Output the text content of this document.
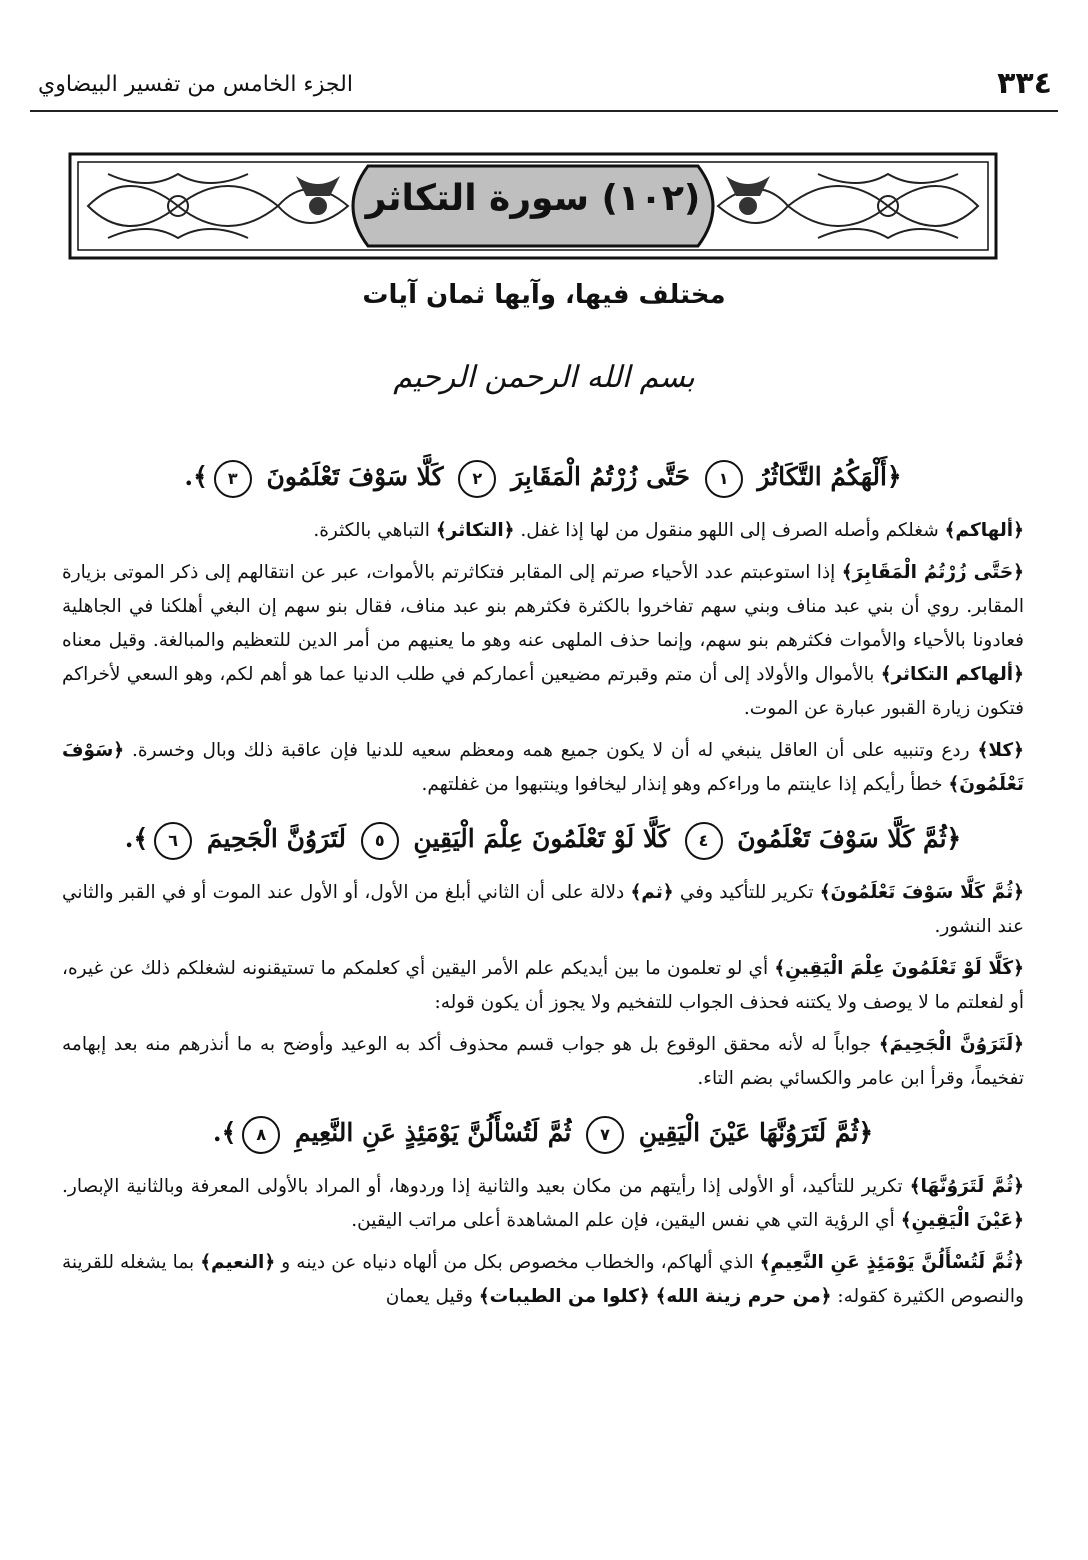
٣٣٤
الجزء الخامس من تفسير البيضاوي
(١٠٢) سورة التكاثر
مختلف فيها، وآيها ثمان آيات
بسم الله الرحمن الرحيم

﴿أَلْهَكُمُ التَّكَاثُرُ ١ حَتَّى زُرْتُمُ الْمَقَابِرَ ٢ كَلَّا سَوْفَ تَعْلَمُونَ ٣﴾.

﴿ألهاكم﴾ شغلكم وأصله الصرف إلى اللهو منقول من لها إذا غفل. ﴿التكاثر﴾ التباهي بالكثرة.

﴿حَتَّى زُرْتُمُ الْمَقَابِرَ﴾ إذا استوعبتم عدد الأحياء صرتم إلى المقابر فتكاثرتم بالأموات، عبر عن انتقالهم إلى ذكر الموتى بزيارة المقابر. روي أن بني عبد مناف وبني سهم تفاخروا بالكثرة فكثرهم بنو عبد مناف، فقال بنو سهم إن البغي أهلكنا في الجاهلية فعادونا بالأحياء والأموات فكثرهم بنو سهم، وإنما حذف الملهى عنه وهو ما يعنيهم من أمر الدين للتعظيم والمبالغة. وقيل معناه ﴿ألهاكم التكاثر﴾ بالأموال والأولاد إلى أن متم وقبرتم مضيعين أعماركم في طلب الدنيا عما هو أهم لكم، وهو السعي لأخراكم فتكون زيارة القبور عبارة عن الموت.

﴿كلا﴾ ردع وتنبيه على أن العاقل ينبغي له أن لا يكون جميع همه ومعظم سعيه للدنيا فإن عاقبة ذلك وبال وخسرة. ﴿سَوْفَ تَعْلَمُونَ﴾ خطأ رأيكم إذا عاينتم ما وراءكم وهو إنذار ليخافوا وينتبهوا من غفلتهم.

﴿ثُمَّ كَلَّا سَوْفَ تَعْلَمُونَ ٤ كَلَّا لَوْ تَعْلَمُونَ عِلْمَ الْيَقِينِ ٥ لَتَرَوُنَّ الْجَحِيمَ ٦﴾.

﴿ثُمَّ كَلَّا سَوْفَ تَعْلَمُونَ﴾ تكرير للتأكيد وفي ﴿ثم﴾ دلالة على أن الثاني أبلغ من الأول، أو الأول عند الموت أو في القبر والثاني عند النشور.

﴿كَلَّا لَوْ تَعْلَمُونَ عِلْمَ الْيَقِينِ﴾ أي لو تعلمون ما بين أيديكم علم الأمر اليقين أي كعلمكم ما تستيقنونه لشغلكم ذلك عن غيره، أو لفعلتم ما لا يوصف ولا يكتنه فحذف الجواب للتفخيم ولا يجوز أن يكون قوله:

﴿لَتَرَوُنَّ الْجَحِيمَ﴾ جواباً له لأنه محقق الوقوع بل هو جواب قسم محذوف أكد به الوعيد وأوضح به ما أنذرهم منه بعد إبهامه تفخيماً، وقرأ ابن عامر والكسائي بضم التاء.

﴿ثُمَّ لَتَرَوُنَّهَا عَيْنَ الْيَقِينِ ٧ ثُمَّ لَتُسْأَلُنَّ يَوْمَئِذٍ عَنِ النَّعِيمِ ٨﴾.

﴿ثُمَّ لَتَرَوُنَّهَا﴾ تكرير للتأكيد، أو الأولى إذا رأيتهم من مكان بعيد والثانية إذا وردوها، أو المراد بالأولى المعرفة وبالثانية الإبصار. ﴿عَيْنَ الْيَقِينِ﴾ أي الرؤية التي هي نفس اليقين، فإن علم المشاهدة أعلى مراتب اليقين.

﴿ثُمَّ لَتُسْأَلُنَّ يَوْمَئِذٍ عَنِ النَّعِيمِ﴾ الذي ألهاكم، والخطاب مخصوص بكل من ألهاه دنياه عن دينه و ﴿النعيم﴾ بما يشغله للقرينة والنصوص الكثيرة كقوله: ﴿من حرم زينة الله﴾ ﴿كلوا من الطيبات﴾ وقيل يعمان
